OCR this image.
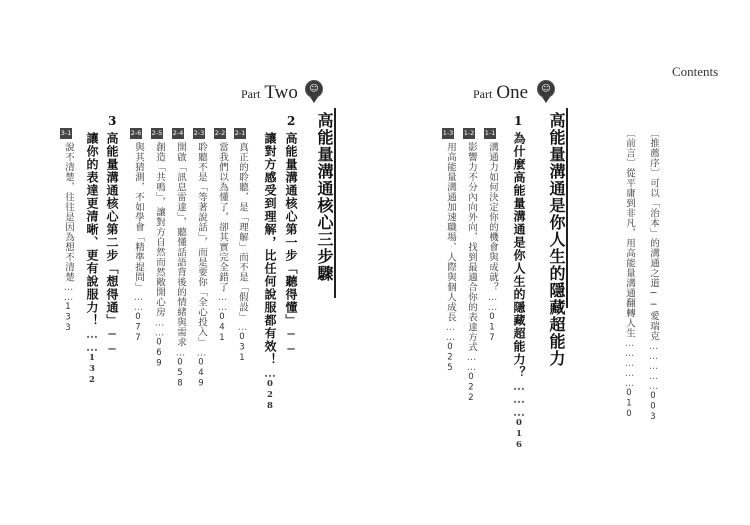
Contents
〔推薦序〕可以「治本」的溝通之道──愛瑞克……………003
〔前言〕從平庸到非凡，用高能量溝通翻轉人生……………010
Part One	☺
高能量溝通是你人生的隱藏超能力
1
為什麼高能量溝通是你人生的隱藏超能力？………016
1-1
溝通力如何決定你的機會與成就？……017
1-2
影響力不分內向外向，找到最適合你的表達方式……022
1-3
用高能量溝通加速職場、人際與個人成長……025
Part Two	☺
高能量溝通核心三步驟
2
高能量溝通核心第一步「聽得懂」──
讓對方感受到理解，比任何說服都有效！…028
2-1
真正的聆聽，是「理解」而不是「假設」…031
2-2
當我們以為懂了，卻其實完全錯了……041
2-3
聆聽不是「等著說話」，而是要你「全心投入」…049
2-4
開啟「訊息雷達」，聽懂話語背後的情緒與需求…058
2-5
創造「共鳴」，讓對方自然而然敞開心房……069
2-6
與其猜測，不如學會「精準提問」……077
3
高能量溝通核心第二步「想得通」──
讓你的表達更清晰、更有說服力！……132
3-1
說不清楚，往往是因為想不清楚……133
